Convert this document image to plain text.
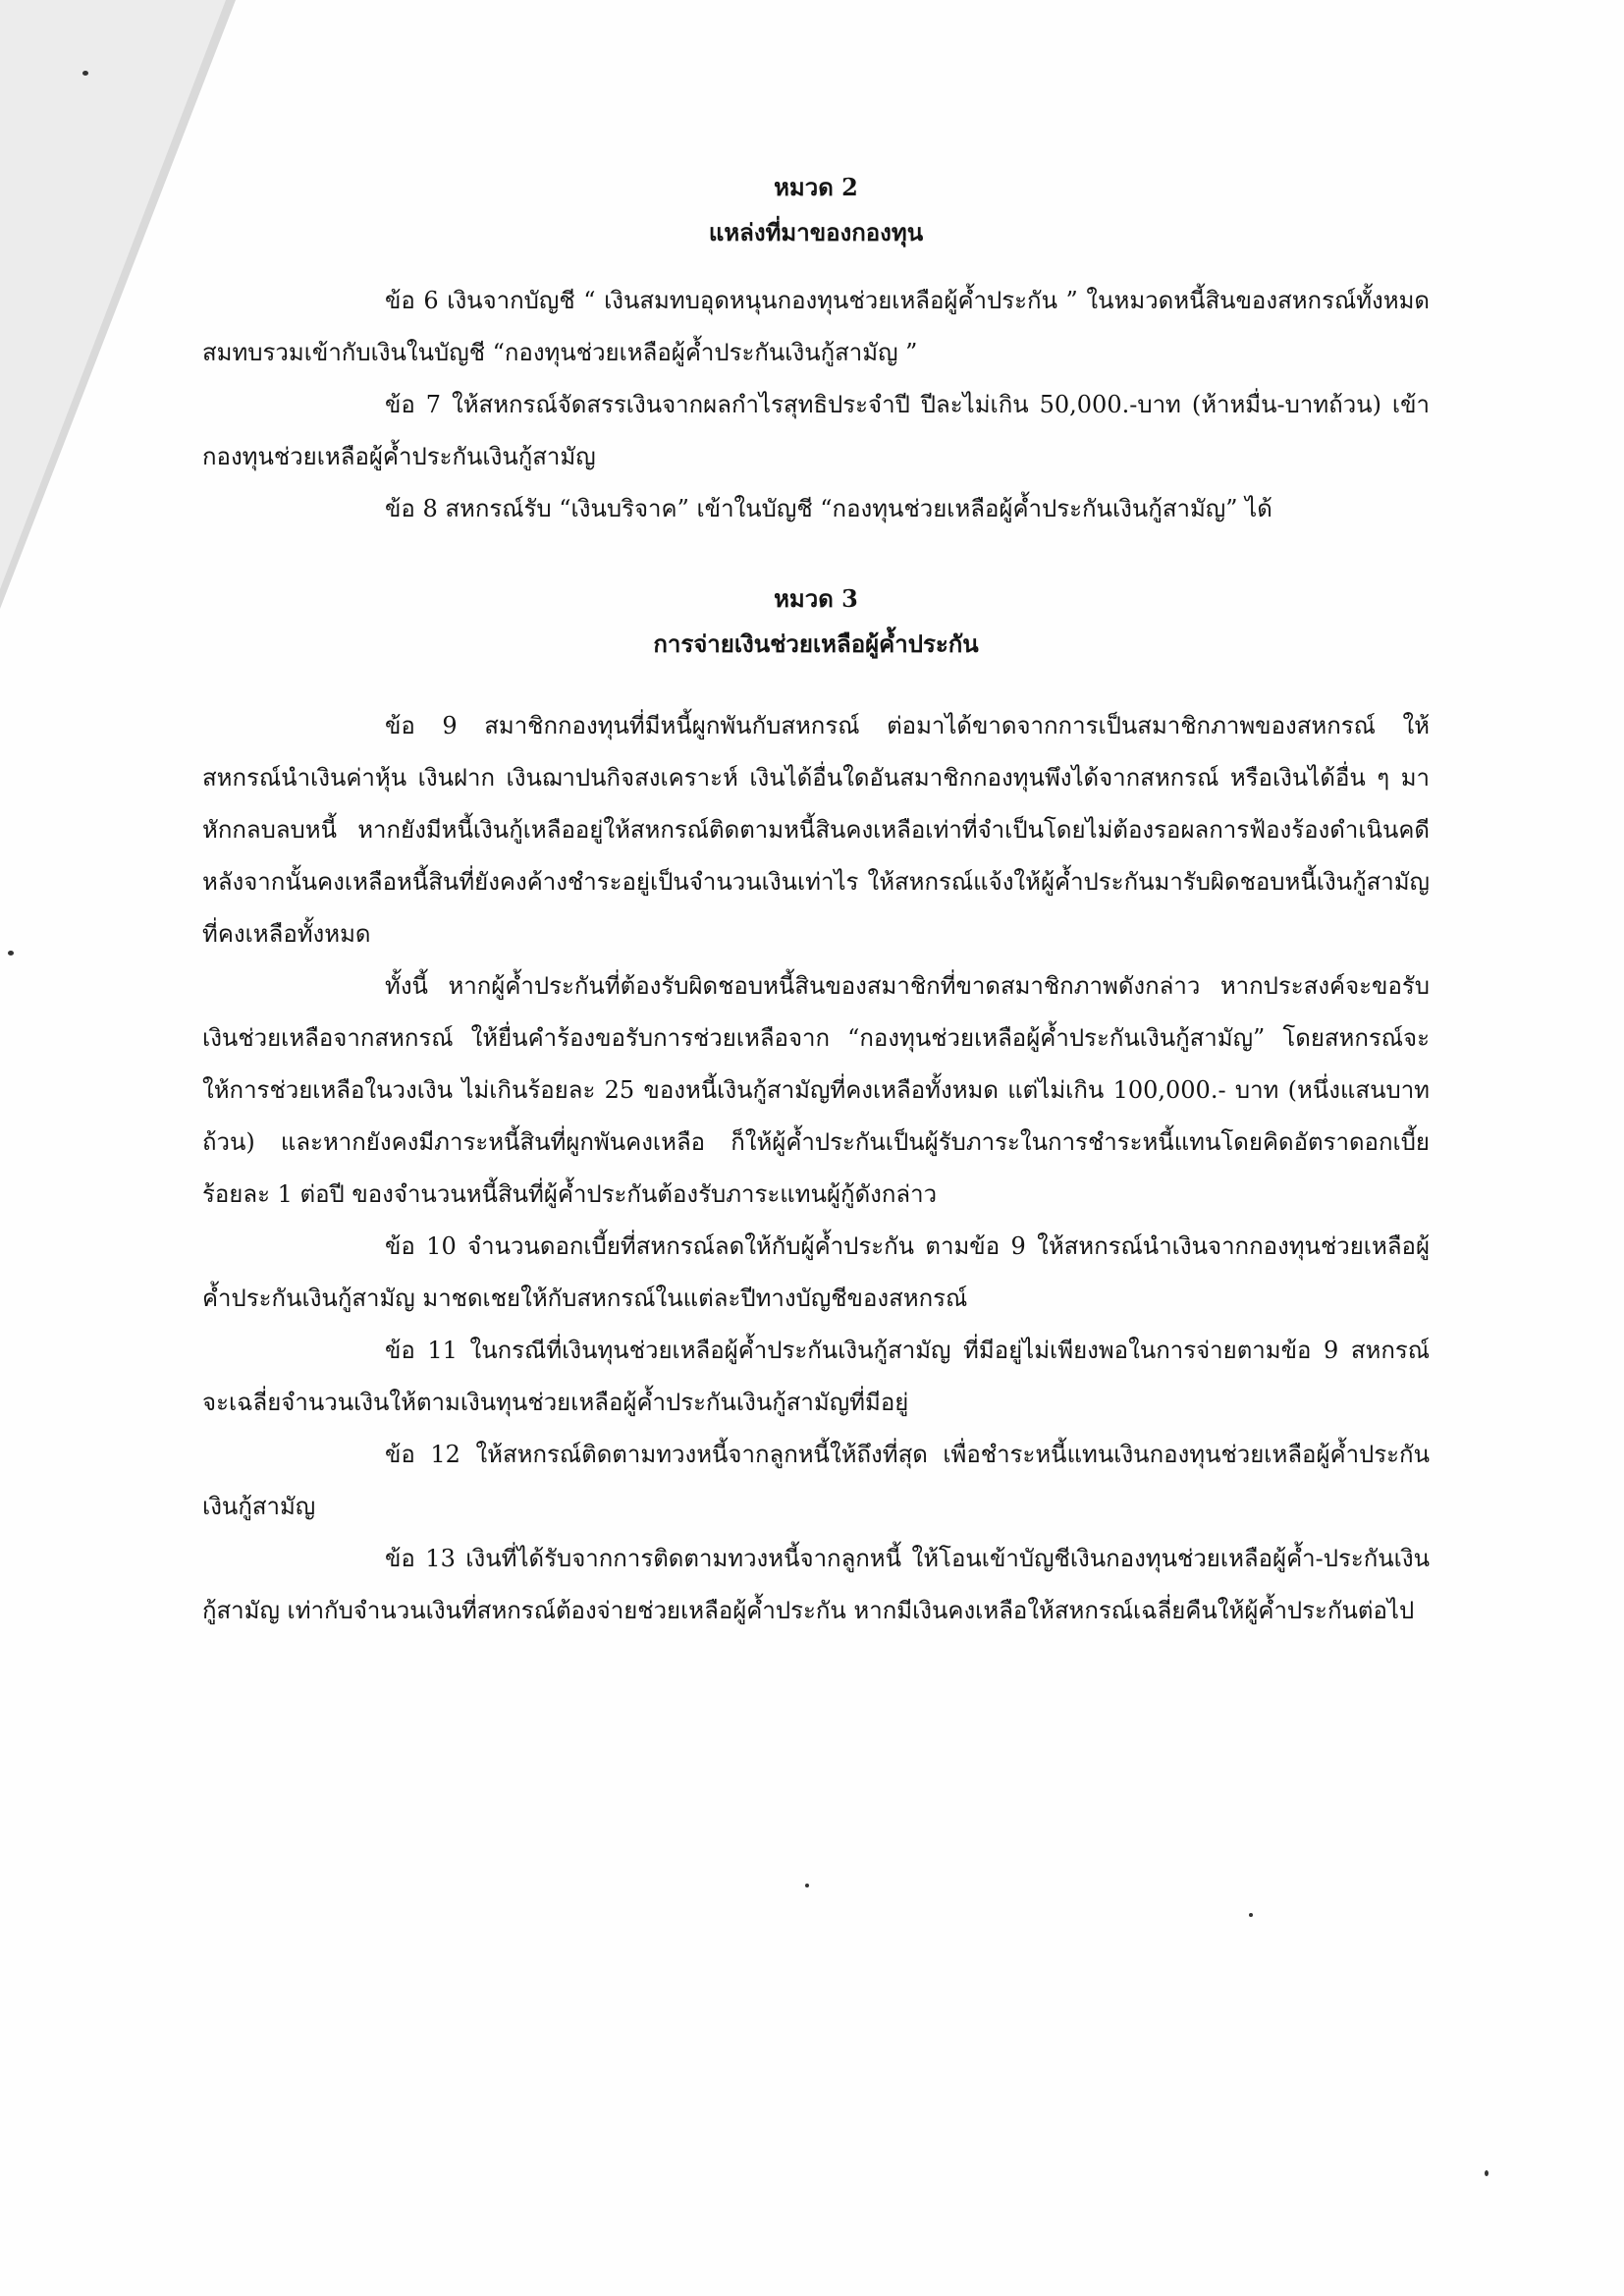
หมวด 2

แหล่งที่มาของกองทุน

ข้อ 6 เงินจากบัญชี “ เงินสมทบอุดหนุนกองทุนช่วยเหลือผู้ค้ำประกัน ” ในหมวดหนี้สินของสหกรณ์ทั้งหมด สมทบรวมเข้ากับเงินในบัญชี “กองทุนช่วยเหลือผู้ค้ำประกันเงินกู้สามัญ ”

ข้อ 7 ให้สหกรณ์จัดสรรเงินจากผลกำไรสุทธิประจำปี ปีละไม่เกิน 50,000.-บาท (ห้าหมื่น-บาทถ้วน) เข้ากองทุนช่วยเหลือผู้ค้ำประกันเงินกู้สามัญ

ข้อ 8 สหกรณ์รับ “เงินบริจาค” เข้าในบัญชี “กองทุนช่วยเหลือผู้ค้ำประกันเงินกู้สามัญ” ได้

หมวด 3

การจ่ายเงินช่วยเหลือผู้ค้ำประกัน

ข้อ 9 สมาชิกกองทุนที่มีหนี้ผูกพันกับสหกรณ์ ต่อมาได้ขาดจากการเป็นสมาชิกภาพของสหกรณ์ ให้สหกรณ์นำเงินค่าหุ้น เงินฝาก เงินฌาปนกิจสงเคราะห์ เงินได้อื่นใดอันสมาชิกกองทุนพึงได้จากสหกรณ์ หรือเงินได้อื่น ๆ มาหักกลบลบหนี้ หากยังมีหนี้เงินกู้เหลืออยู่ให้สหกรณ์ติดตามหนี้สินคงเหลือเท่าที่จำเป็นโดยไม่ต้องรอผลการฟ้องร้องดำเนินคดี หลังจากนั้นคงเหลือหนี้สินที่ยังคงค้างชำระอยู่เป็นจำนวนเงินเท่าไร ให้สหกรณ์แจ้งให้ผู้ค้ำประกันมารับผิดชอบหนี้เงินกู้สามัญที่คงเหลือทั้งหมด

ทั้งนี้ หากผู้ค้ำประกันที่ต้องรับผิดชอบหนี้สินของสมาชิกที่ขาดสมาชิกภาพดังกล่าว หากประสงค์จะขอรับเงินช่วยเหลือจากสหกรณ์ ให้ยื่นคำร้องขอรับการช่วยเหลือจาก “กองทุนช่วยเหลือผู้ค้ำประกันเงินกู้สามัญ” โดยสหกรณ์จะให้การช่วยเหลือในวงเงิน ไม่เกินร้อยละ 25 ของหนี้เงินกู้สามัญที่คงเหลือทั้งหมด แต่ไม่เกิน 100,000.- บาท (หนึ่งแสนบาทถ้วน) และหากยังคงมีภาระหนี้สินที่ผูกพันคงเหลือ ก็ให้ผู้ค้ำประกันเป็นผู้รับภาระในการชำระหนี้แทนโดยคิดอัตราดอกเบี้ยร้อยละ 1 ต่อปี ของจำนวนหนี้สินที่ผู้ค้ำประกันต้องรับภาระแทนผู้กู้ดังกล่าว

ข้อ 10 จำนวนดอกเบี้ยที่สหกรณ์ลดให้กับผู้ค้ำประกัน ตามข้อ 9 ให้สหกรณ์นำเงินจากกองทุนช่วยเหลือผู้ค้ำประกันเงินกู้สามัญ มาชดเชยให้กับสหกรณ์ในแต่ละปีทางบัญชีของสหกรณ์

ข้อ 11 ในกรณีที่เงินทุนช่วยเหลือผู้ค้ำประกันเงินกู้สามัญ ที่มีอยู่ไม่เพียงพอในการจ่ายตามข้อ 9 สหกรณ์จะเฉลี่ยจำนวนเงินให้ตามเงินทุนช่วยเหลือผู้ค้ำประกันเงินกู้สามัญที่มีอยู่

ข้อ 12 ให้สหกรณ์ติดตามทวงหนี้จากลูกหนี้ให้ถึงที่สุด เพื่อชำระหนี้แทนเงินกองทุนช่วยเหลือผู้ค้ำประกันเงินกู้สามัญ

ข้อ 13 เงินที่ได้รับจากการติดตามทวงหนี้จากลูกหนี้ ให้โอนเข้าบัญชีเงินกองทุนช่วยเหลือผู้ค้ำ-ประกันเงินกู้สามัญ เท่ากับจำนวนเงินที่สหกรณ์ต้องจ่ายช่วยเหลือผู้ค้ำประกัน หากมีเงินคงเหลือให้สหกรณ์เฉลี่ยคืนให้ผู้ค้ำประกันต่อไป
